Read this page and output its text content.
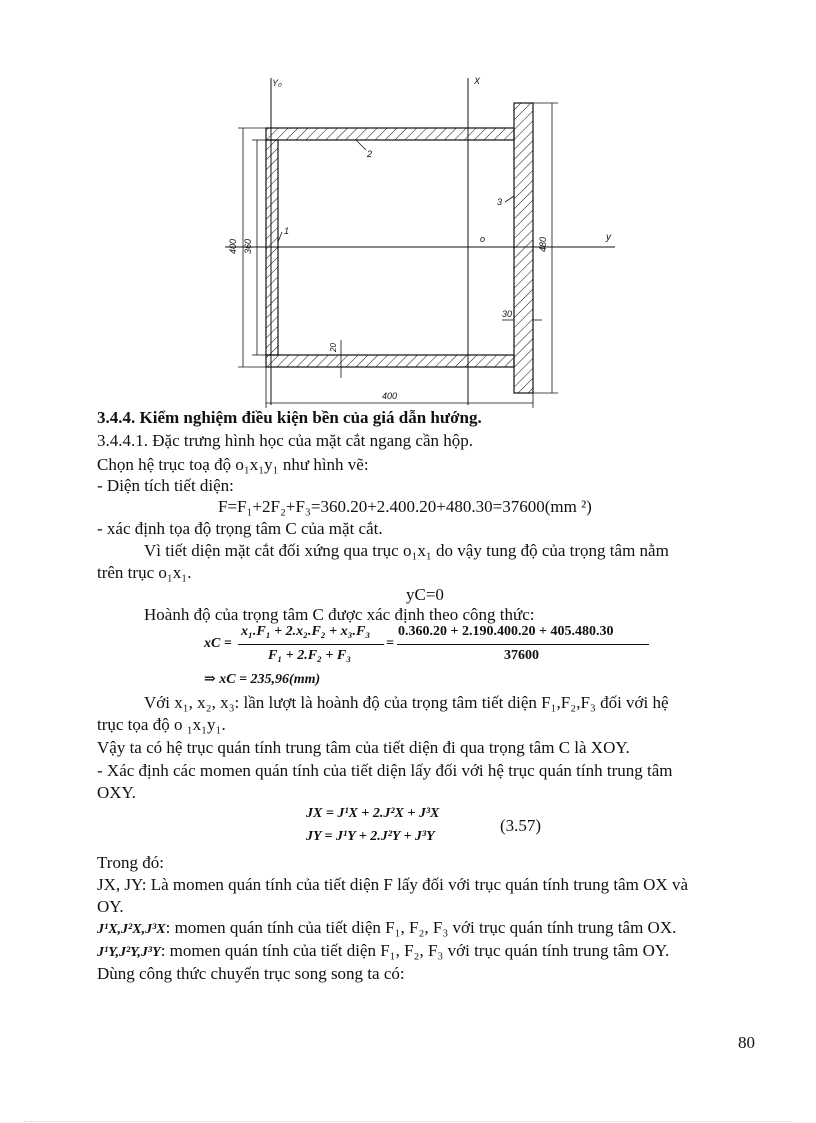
Y₀	X
y
o
2
3
1
400 360	480
30
20
400
3.4.4. Kiểm nghiệm điều kiện bền của giá dẫn hướng.
3.4.4.1. Đặc trưng hình học của mặt cắt ngang cần hộp.
Chọn hệ trục toạ độ o₁x₁y₁ như hình vẽ:
- Diện tích tiết diện:
F=F₁+2F₂+F₃=360.20+2.400.20+480.30=37600(mm ²)
- xác định tọa độ trọng tâm C của mặt cắt.
Vì tiết diện mặt cắt đối xứng qua trục o₁x₁ do vậy tung độ của trọng tâm nằm
trên trục o₁x₁.
yC=0
Hoành độ của trọng tâm C được xác định theo công thức:
xC =
x₁.F₁ + 2.x₂.F₂ + x₃.F₃
F₁ + 2.F₂ + F₃
=
0.360.20 + 2.190.400.20 + 405.480.30
37600
⇒ xC = 235,96(mm)
Với x₁, x₂, x₃: lần lượt là hoành độ của trọng tâm tiết diện F₁,F₂,F₃ đối với hệ
trục tọa độ o ₁x₁y₁.
Vậy ta có hệ trục quán tính trung tâm của tiết diện đi qua trọng tâm C là XOY.
- Xác định các momen quán tính của tiết diện lấy đối với hệ trục quán tính trung tâm
OXY.
JX = J¹X + 2.J²X + J³X
JY = J¹Y + 2.J²Y + J³Y
(3.57)
Trong đó:
JX, JY: Là momen quán tính của tiết diện F lấy đối với trục quán tính trung tâm OX và
OY.
J¹X,J²X,J³X: momen quán tính của tiết diện F₁, F₂, F₃ với trục quán tính trung tâm OX.
J¹Y,J²Y,J³Y: momen quán tính của tiết diện F₁, F₂, F₃ với trục quán tính trung tâm OY.
Dùng công thức chuyển trục song song ta có:
80
